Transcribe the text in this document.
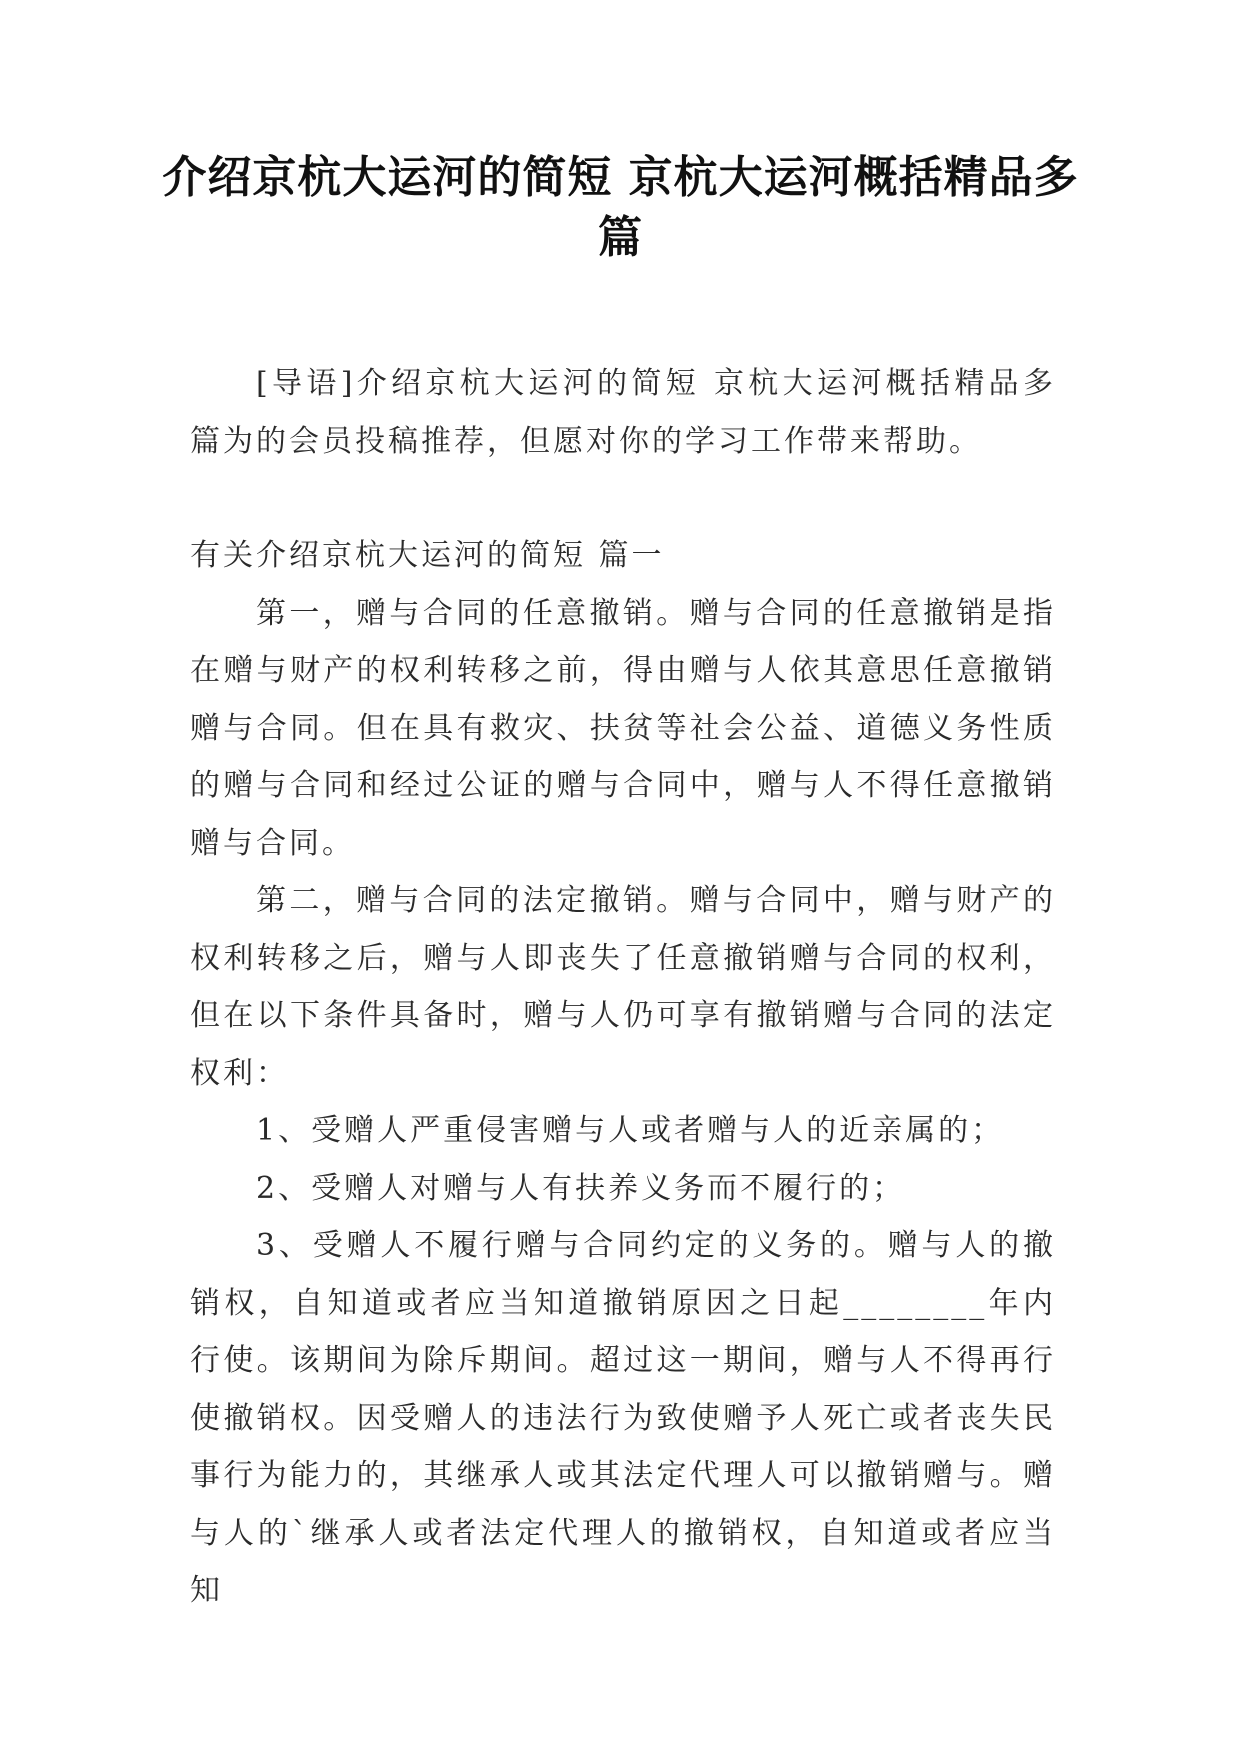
介绍京杭大运河的简短 京杭大运河概括精品多篇

[导语]介绍京杭大运河的简短 京杭大运河概括精品多篇为的会员投稿推荐，但愿对你的学习工作带来帮助。

有关介绍京杭大运河的简短 篇一

第一，赠与合同的任意撤销。赠与合同的任意撤销是指在赠与财产的权利转移之前，得由赠与人依其意思任意撤销赠与合同。但在具有救灾、扶贫等社会公益、道德义务性质的赠与合同和经过公证的赠与合同中，赠与人不得任意撤销赠与合同。

第二，赠与合同的法定撤销。赠与合同中，赠与财产的权利转移之后，赠与人即丧失了任意撤销赠与合同的权利，但在以下条件具备时，赠与人仍可享有撤销赠与合同的法定权利：

1、受赠人严重侵害赠与人或者赠与人的近亲属的；

2、受赠人对赠与人有扶养义务而不履行的；

3、受赠人不履行赠与合同约定的义务的。赠与人的撤销权，自知道或者应当知道撤销原因之日起________年内行使。该期间为除斥期间。超过这一期间，赠与人不得再行使撤销权。因受赠人的违法行为致使赠予人死亡或者丧失民事行为能力的，其继承人或其法定代理人可以撤销赠与。赠与人的`继承人或者法定代理人的撤销权，自知道或者应当知
